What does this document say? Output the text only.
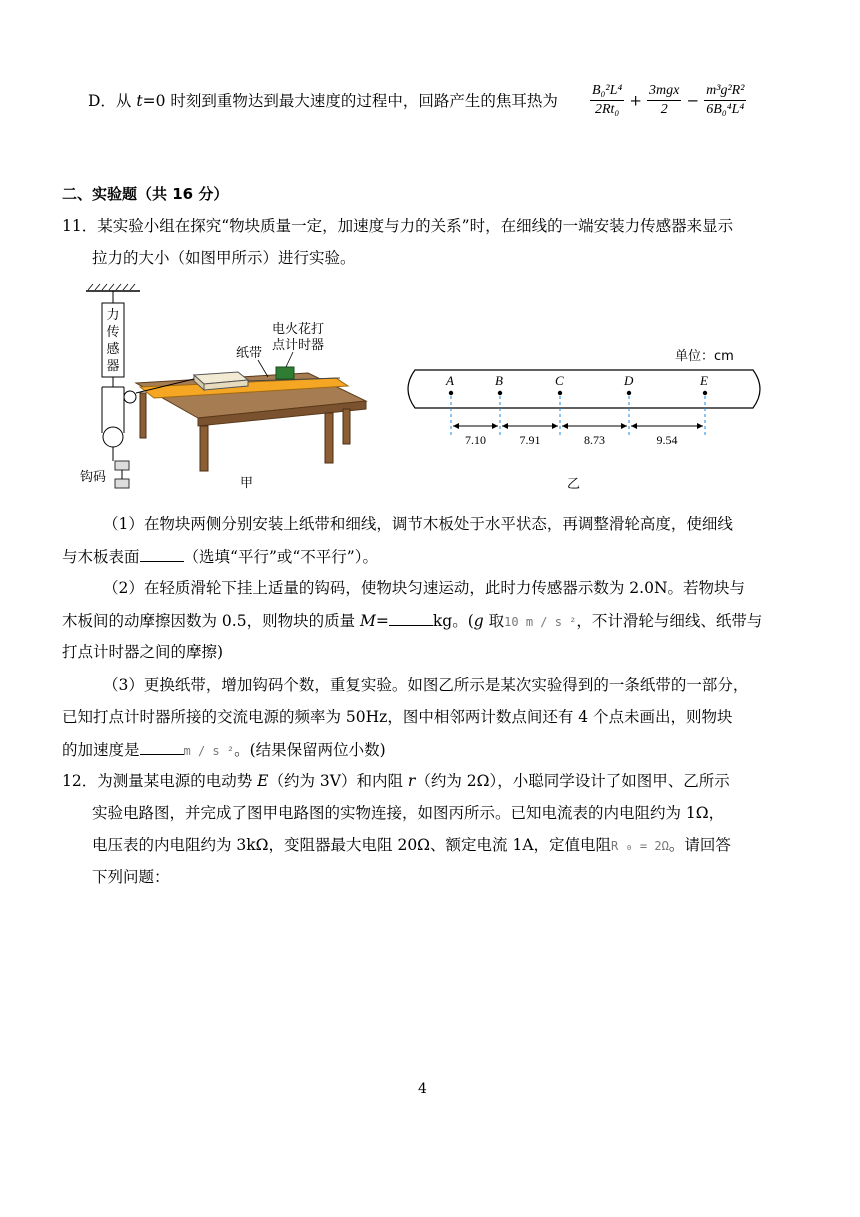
D．从 t=0 时刻到重物达到最大速度的过程中，回路产生的焦耳热为 $\frac{\text{B₀²L⁴}}{\text{2Rt₀}} + \frac{\text{3mgx}}{2} - \frac{\text{m³g²R²}}{\text{6B₀⁴L⁴}}$
二、实验题（共 16 分）
11．某实验小组在探究“物块质量一定，加速度与力的关系”时，在细线的一端安装力传感器来显示
拉力的大小（如图甲所示）进行实验。
力
传
感
器
纸带
电火花打
点计时器
钩码	甲
单位：cm
A	B	C	D	E
7.10	7.91	8.73	9.54
乙
（1）在物块两侧分别安装上纸带和细线，调节木板处于水平状态，再调整滑轮高度，使细线
与木板表面	（选填“平行”或“不平行”）。
（2）在轻质滑轮下挂上适量的钩码，使物块匀速运动，此时力传感器示数为 2.0N。若物块与
木板间的动摩擦因数为 0.5，则物块的质量 M=	kg。(g 取10 m / s ²，不计滑轮与细线、纸带与
打点计时器之间的摩擦)
（3）更换纸带，增加钩码个数，重复实验。如图乙所示是某次实验得到的一条纸带的一部分，
已知打点计时器所接的交流电源的频率为 50Hz，图中相邻两计数点间还有 4 个点未画出，则物块
的加速度是	m / s ²。(结果保留两位小数)
12．为测量某电源的电动势 E（约为 3V）和内阻 r（约为 2Ω），小聪同学设计了如图甲、乙所示
实验电路图，并完成了图甲电路图的实物连接，如图丙所示。已知电流表的内电阻约为 1Ω，
电压表的内电阻约为 3kΩ，变阻器最大电阻 20Ω、额定电流 1A，定值电阻R ₀ = 2Ω。请回答
下列问题：
4
